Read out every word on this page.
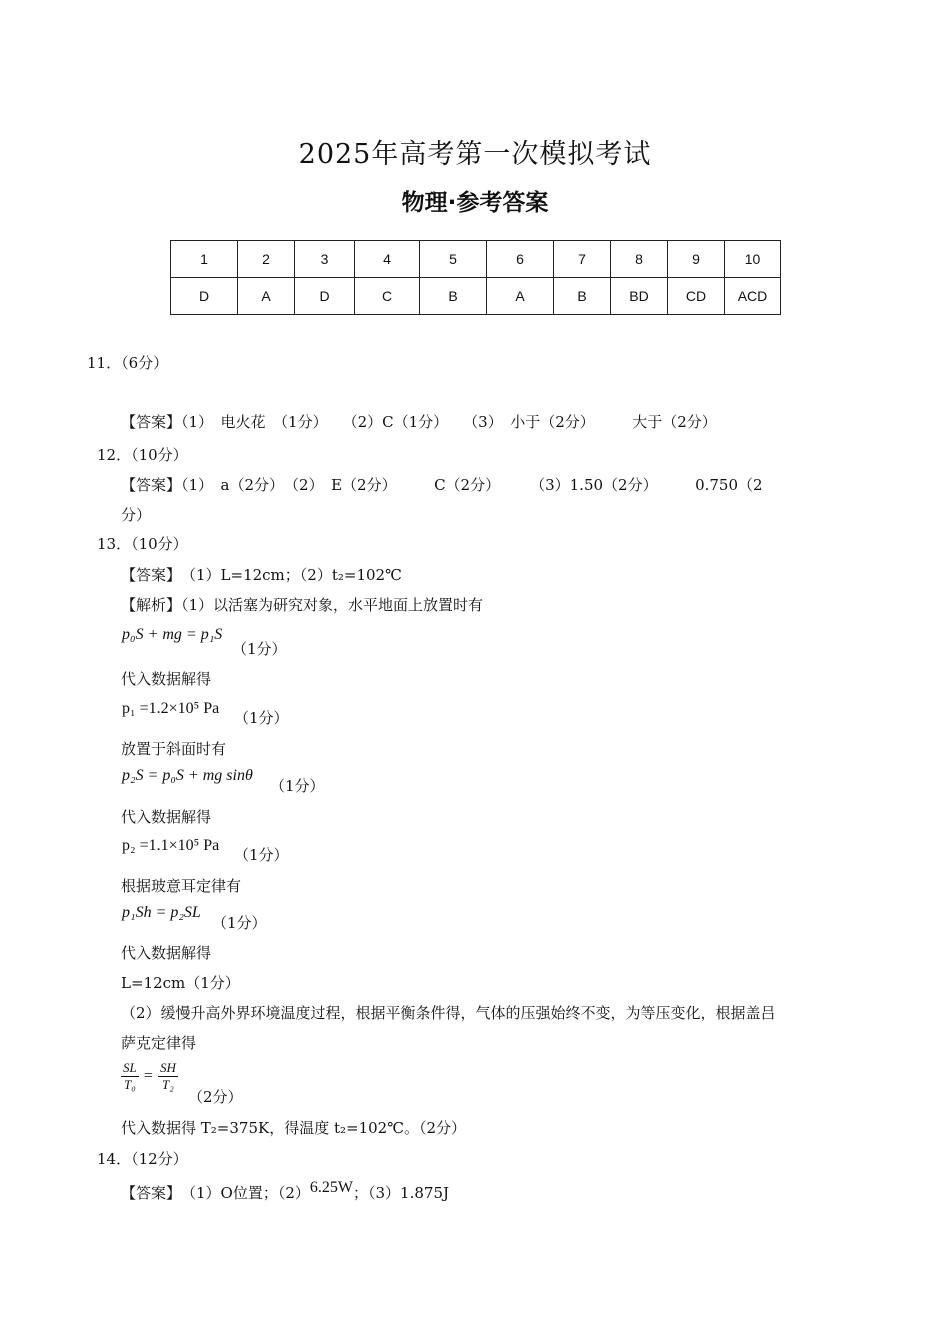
2025年高考第一次模拟考试
物理·参考答案
1	2	3	4	5	6	7	8	9	10
D	A	D	C	B	A	B	BD	CD	ACD
11．（6分）
【答案】（1）　电火花　（1分）　　（2）C（1分）　　（3）　小于（2分）　　　大于（2分）
12．（10分）
【答案】（1）　a（2分）　（2）　E（2分）　　　C（2分）　　　（3）1.50（2分）　　　0.750（2
分）
13．（10分）
【答案】　（1）L=12cm；（2）t₂=102℃
【解析】（1）以活塞为研究对象，水平地面上放置时有
p₀S + mg = p₁S
（1分）
代入数据解得
p₁ =1.2×10⁵ Pa
（1分）
放置于斜面时有
p₂S = p₀S + mg sinθ
（1分）
代入数据解得
p₂ =1.1×10⁵ Pa
（1分）
根据玻意耳定律有
p₁Sh = p₂SL
（1分）
代入数据解得
L=12cm（1分）
（2）缓慢升高外界环境温度过程，根据平衡条件得，气体的压强始终不变，为等压变化，根据盖吕
萨克定律得
$\frac{SL}{\text{T₀}} = \frac{SH}{\text{T₂}}$
（2分）
代入数据得 T₂=375K，得温度 t₂=102℃。（2分）
14．（12分）
【答案】　（1）O位置；（2）6.25W；（3）1.875J
